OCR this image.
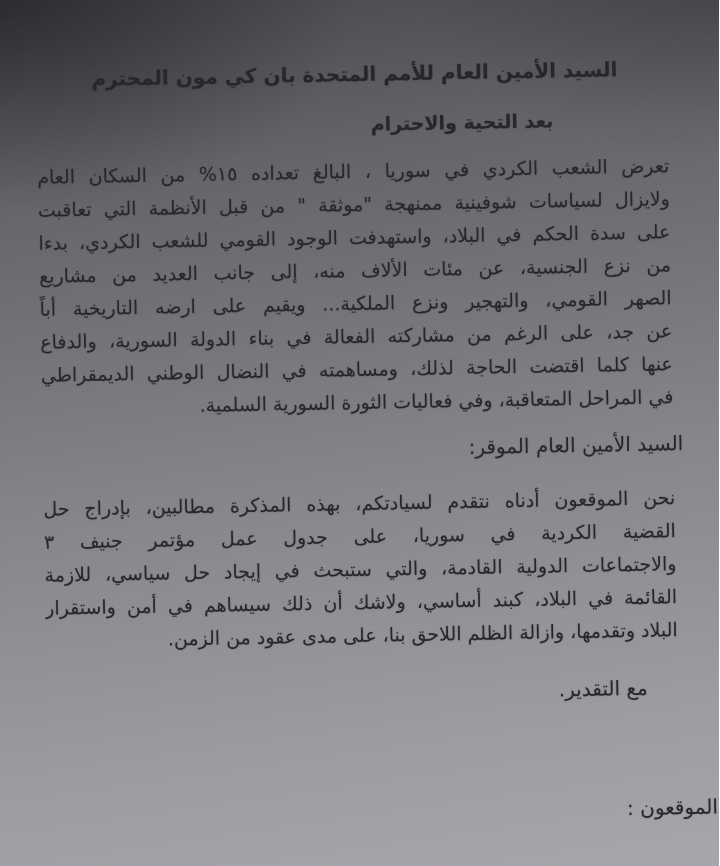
السيد الأمين العام للأمم المتحدة بان كي مون المحترم
بعد التحية والاحترام
تعرض الشعب الكردي في سوريا ، البالغ تعداده ١٥% من السكان العام
ولايزال لسياسات شوفينية ممنهجة "موثقة " من قبل الأنظمة التي تعاقبت
على سدة الحكم في البلاد، واستهدفت الوجود القومي للشعب الكردي، بدءا
من نزع الجنسية، عن مئات الألاف منه، إلى جانب العديد من مشاريع
الصهر القومي، والتهجير ونزع الملكية... ويقيم على ارضه التاريخية أباً
عن جد، على الرغم من مشاركته الفعالة في بناء الدولة السورية، والدفاع
عنها كلما اقتضت الحاجة لذلك، ومساهمته في النضال الوطني الديمقراطي
في المراحل المتعاقبة، وفي فعاليات الثورة السورية السلمية.
السيد الأمين العام الموقر:
نحن الموقعون أدناه نتقدم لسيادتكم، بهذه المذكرة مطالبين، بإدراج حل
القضية الكردية في سوريا، على جدول عمل مؤتمر جنيف ٣
والاجتماعات الدولية القادمة، والتي ستبحث في إيجاد حل سياسي، للازمة
القائمة في البلاد، كبند أساسي، ولاشك أن ذلك سيساهم في أمن واستقرار
البلاد وتقدمها، وازالة الظلم اللاحق بنا، على مدى عقود من الزمن.
مع التقدير.
الموقعون :
